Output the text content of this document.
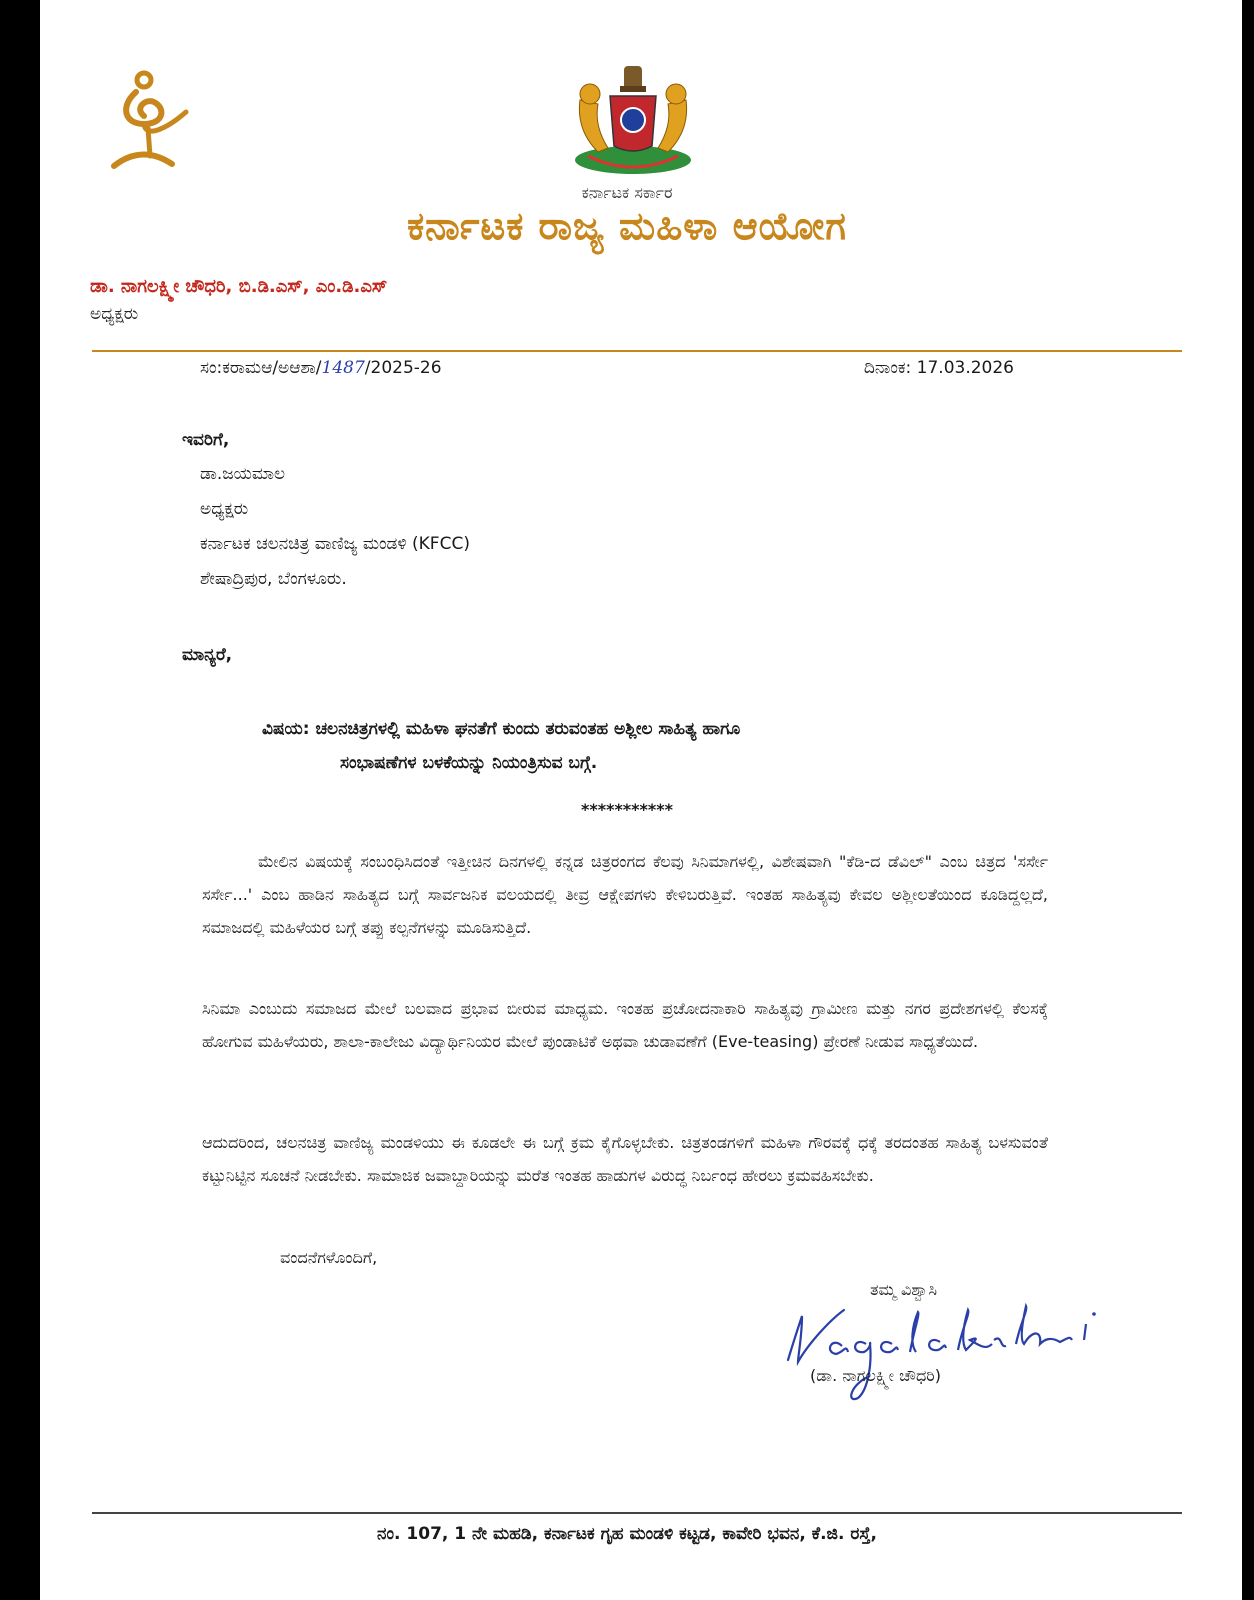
ಕರ್ನಾಟಕ ಸರ್ಕಾರ
ಕರ್ನಾಟಕ ರಾಜ್ಯ ಮಹಿಳಾ ಆಯೋಗ
ಡಾ. ನಾಗಲಕ್ಷ್ಮೀ ಚೌಧರಿ, ಬಿ.ಡಿ.ಎಸ್, ಎಂ.ಡಿ.ಎಸ್
ಅಧ್ಯಕ್ಷರು
ಸಂ:ಕರಾಮಆ/ಅಆಶಾ/1487/2025-26	ದಿನಾಂಕ: 17.03.2026
ಇವರಿಗೆ,
ಡಾ.ಜಯಮಾಲ
ಅಧ್ಯಕ್ಷರು
ಕರ್ನಾಟಕ ಚಲನಚಿತ್ರ ವಾಣಿಜ್ಯ ಮಂಡಳಿ (KFCC)
ಶೇಷಾದ್ರಿಪುರ, ಬೆಂಗಳೂರು.
ಮಾನ್ಯರೆ,
ವಿಷಯ: ಚಲನಚಿತ್ರಗಳಲ್ಲಿ ಮಹಿಳಾ ಘನತೆಗೆ ಕುಂದು ತರುವಂತಹ ಅಶ್ಲೀಲ ಸಾಹಿತ್ಯ ಹಾಗೂ
ಸಂಭಾಷಣೆಗಳ ಬಳಕೆಯನ್ನು ನಿಯಂತ್ರಿಸುವ ಬಗ್ಗೆ.
***********
ಮೇಲಿನ ವಿಷಯಕ್ಕೆ ಸಂಬಂಧಿಸಿದಂತೆ ಇತ್ತೀಚಿನ ದಿನಗಳಲ್ಲಿ ಕನ್ನಡ ಚಿತ್ರರಂಗದ ಕೆಲವು ಸಿನಿಮಾಗಳಲ್ಲಿ, ವಿಶೇಷವಾಗಿ "ಕೆಡಿ-ದ ಡೆವಿಲ್" ಎಂಬ ಚಿತ್ರದ 'ಸರ್ಸೇ ಸರ್ಸೇ...' ಎಂಬ ಹಾಡಿನ ಸಾಹಿತ್ಯದ ಬಗ್ಗೆ ಸಾರ್ವಜನಿಕ ವಲಯದಲ್ಲಿ ತೀವ್ರ ಆಕ್ಷೇಪಗಳು ಕೇಳಿಬರುತ್ತಿವೆ. ಇಂತಹ ಸಾಹಿತ್ಯವು ಕೇವಲ ಅಶ್ಲೀಲತೆಯಿಂದ ಕೂಡಿದ್ದಲ್ಲದೆ, ಸಮಾಜದಲ್ಲಿ ಮಹಿಳೆಯರ ಬಗ್ಗೆ ತಪ್ಪು ಕಲ್ಪನೆಗಳನ್ನು ಮೂಡಿಸುತ್ತಿದೆ.
ಸಿನಿಮಾ ಎಂಬುದು ಸಮಾಜದ ಮೇಲೆ ಬಲವಾದ ಪ್ರಭಾವ ಬೀರುವ ಮಾಧ್ಯಮ. ಇಂತಹ ಪ್ರಚೋದನಾಕಾರಿ ಸಾಹಿತ್ಯವು ಗ್ರಾಮೀಣ ಮತ್ತು ನಗರ ಪ್ರದೇಶಗಳಲ್ಲಿ ಕೆಲಸಕ್ಕೆ ಹೋಗುವ ಮಹಿಳೆಯರು, ಶಾಲಾ-ಕಾಲೇಜು ವಿದ್ಯಾರ್ಥಿನಿಯರ ಮೇಲೆ ಪುಂಡಾಟಿಕೆ ಅಥವಾ ಚುಡಾವಣೆಗೆ (Eve-teasing) ಪ್ರೇರಣೆ ನೀಡುವ ಸಾಧ್ಯತೆಯಿದೆ.
ಆದುದರಿಂದ, ಚಲನಚಿತ್ರ ವಾಣಿಜ್ಯ ಮಂಡಳಿಯು ಈ ಕೂಡಲೇ ಈ ಬಗ್ಗೆ ಕ್ರಮ ಕೈಗೊಳ್ಳಬೇಕು. ಚಿತ್ರತಂಡಗಳಿಗೆ ಮಹಿಳಾ ಗೌರವಕ್ಕೆ ಧಕ್ಕೆ ತರದಂತಹ ಸಾಹಿತ್ಯ ಬಳಸುವಂತೆ ಕಟ್ಟುನಿಟ್ಟಿನ ಸೂಚನೆ ನೀಡಬೇಕು. ಸಾಮಾಜಿಕ ಜವಾಬ್ದಾರಿಯನ್ನು ಮರೆತ ಇಂತಹ ಹಾಡುಗಳ ವಿರುದ್ಧ ನಿರ್ಬಂಧ ಹೇರಲು ಕ್ರಮವಹಿಸಬೇಕು.
ವಂದನೆಗಳೊಂದಿಗೆ,
ತಮ್ಮ ವಿಶ್ವಾಸಿ
(ಡಾ. ನಾಗಲಕ್ಷ್ಮೀ ಚೌಧರಿ)
ನಂ. 107, 1 ನೇ ಮಹಡಿ, ಕರ್ನಾಟಕ ಗೃಹ ಮಂಡಳಿ ಕಟ್ಟಡ, ಕಾವೇರಿ ಭವನ, ಕೆ.ಜಿ. ರಸ್ತೆ,
